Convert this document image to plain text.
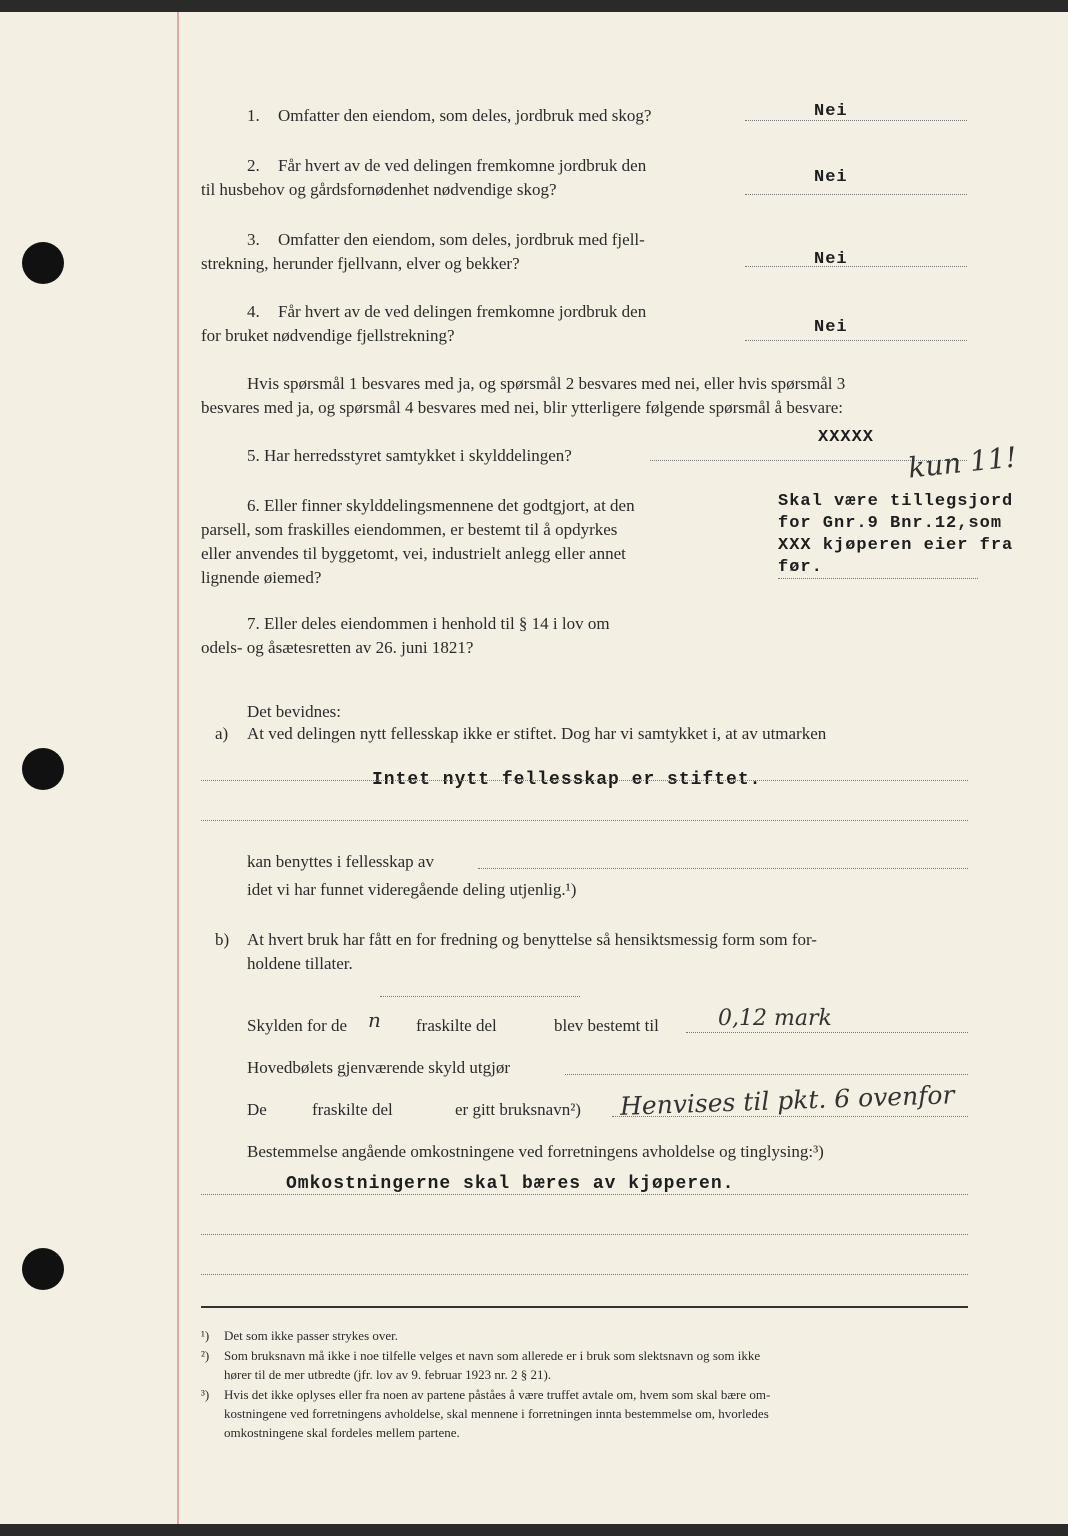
1. Omfatter den eiendom, som deles, jordbruk med skog?	Nei
2. Får hvert av de ved delingen fremkomne jordbruk den
til husbehov og gårdsfornødenhet nødvendige skog?
Nei
3. Omfatter den eiendom, som deles, jordbruk med fjell-
strekning, herunder fjellvann, elver og bekker?	Nei
4. Får hvert av de ved delingen fremkomne jordbruk den
for bruket nødvendige fjellstrekning?	Nei
Hvis spørsmål 1 besvares med ja, og spørsmål 2 besvares med nei, eller hvis spørsmål 3
besvares med ja, og spørsmål 4 besvares med nei, blir ytterligere følgende spørsmål å besvare:
5. Har herredsstyret samtykket i skylddelingen?
XXXXX
kun 11!
6. Eller finner skylddelingsmennene det godtgjort, at den
parsell, som fraskilles eiendommen, er bestemt til å opdyrkes
eller anvendes til byggetomt, vei, industrielt anlegg eller annet
lignende øiemed?
Skal være tillegsjord
for Gnr.9 Bnr.12,som
XXX kjøperen eier fra
før.
7. Eller deles eiendommen i henhold til § 14 i lov om
odels- og åsætesretten av 26. juni 1821?
Det bevidnes:
a) At ved delingen nytt fellesskap ikke er stiftet. Dog har vi samtykket i, at av utmarken
Intet nytt fellesskap er stiftet.
kan benyttes i fellesskap av
idet vi har funnet videregående deling utjenlig.¹)
b) At hvert bruk har fått en for fredning og benyttelse så hensiktsmessig form som for-
holdene tillater.
Skylden for de n fraskilte del	blev bestemt til	0,12 mark
Hovedbølets gjenværende skyld utgjør
De	fraskilte del	er gitt bruksnavn²) Henvises til pkt. 6 ovenfor
Bestemmelse angående omkostningene ved forretningens avholdelse og tinglysing:³)
Omkostningerne skal bæres av kjøperen.
¹) Det som ikke passer strykes over.
²) Som bruksnavn må ikke i noe tilfelle velges et navn som allerede er i bruk som slektsnavn og som ikke
hører til de mer utbredte (jfr. lov av 9. februar 1923 nr. 2 § 21).
³) Hvis det ikke oplyses eller fra noen av partene påståes å være truffet avtale om, hvem som skal bære om-
kostningene ved forretningens avholdelse, skal mennene i forretningen innta bestemmelse om, hvorledes
omkostningene skal fordeles mellem partene.
